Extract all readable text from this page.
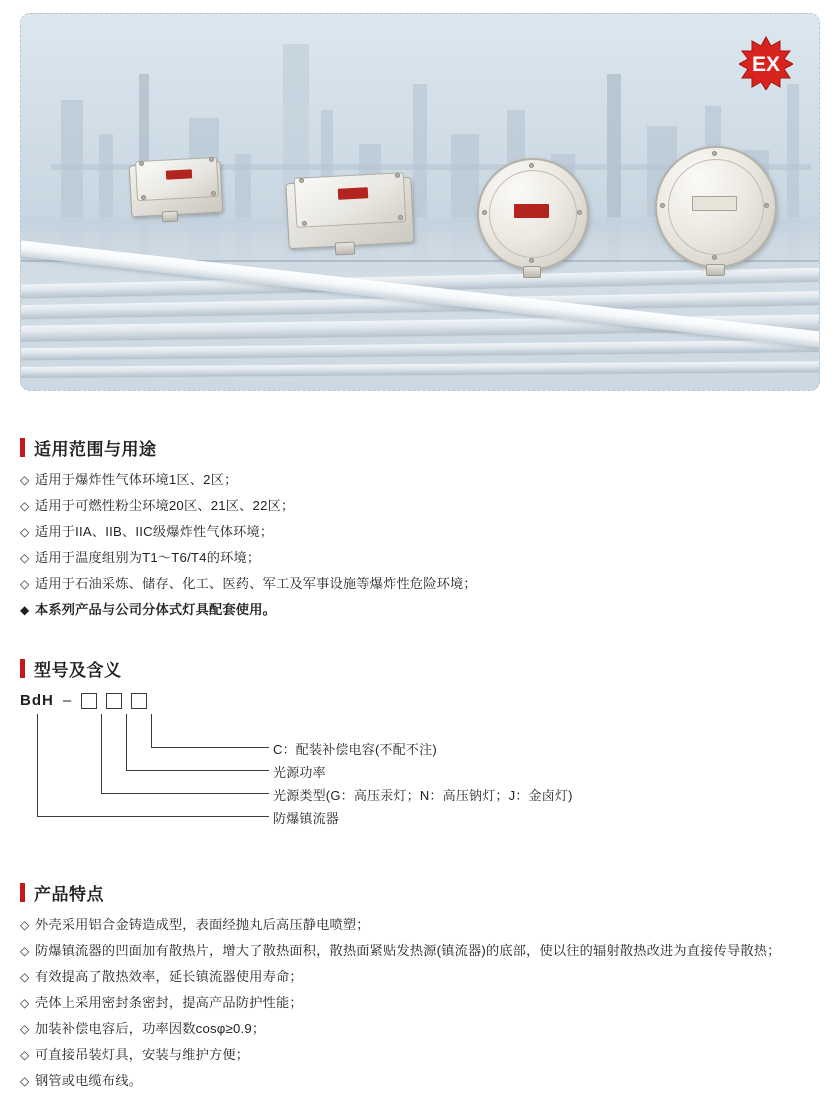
EX
适用范围与用途
◇ 适用于爆炸性气体环境1区、2区；
◇ 适用于可燃性粉尘环境20区、21区、22区；
◇ 适用于IIA、IIB、IIC级爆炸性气体环境；
◇ 适用于温度组别为T1～T6/T4的环境；
◇ 适用于石油采炼、储存、化工、医药、军工及军事设施等爆炸性危险环境；
◆ 本系列产品与公司分体式灯具配套使用。
型号及含义
BdH –
C：配装补偿电容(不配不注)
光源功率
光源类型(G：高压汞灯；N：高压钠灯；J：金卤灯)
防爆镇流器
产品特点
◇ 外壳采用铝合金铸造成型，表面经抛丸后高压静电喷塑；
◇ 防爆镇流器的凹面加有散热片，增大了散热面积，散热面紧贴发热源(镇流器)的底部，使以往的辐射散热改进为直接传导散热；
◇ 有效提高了散热效率，延长镇流器使用寿命；
◇ 壳体上采用密封条密封，提高产品防护性能；
◇ 加装补偿电容后，功率因数cosφ≥0.9；
◇ 可直接吊装灯具，安装与维护方便；
◇ 钢管或电缆布线。
